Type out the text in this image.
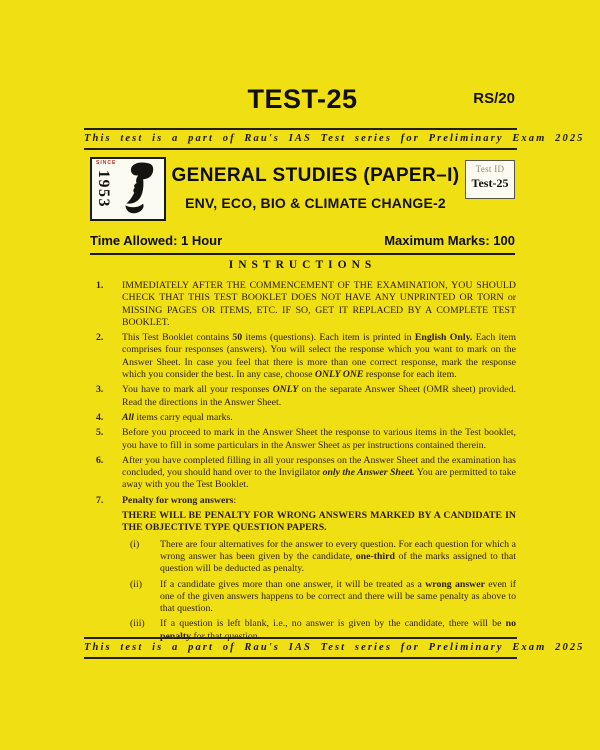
TEST-25	RS/20
This test is a part of Rau's IAS Test series for Preliminary Exam 2025
SINCE
1953	GENERAL STUDIES (PAPER–I)
ENV, ECO, BIO & CLIMATE CHANGE-2
Test ID
Test-25
Time Allowed: 1 Hour	Maximum Marks: 100
INSTRUCTIONS
1.	IMMEDIATELY AFTER THE COMMENCEMENT OF THE EXAMINATION, YOU SHOULD CHECK THAT THIS TEST BOOKLET DOES NOT HAVE ANY UNPRINTED OR TORN or MISSING PAGES OR ITEMS, ETC. IF SO, GET IT REPLACED BY A COMPLETE TEST BOOKLET.
2.	This Test Booklet contains 50 items (questions). Each item is printed in English Only. Each item comprises four responses (answers). You will select the response which you want to mark on the Answer Sheet. In case you feel that there is more than one correct response, mark the response which you consider the best. In any case, choose ONLY ONE response for each item.
3.	You have to mark all your responses ONLY on the separate Answer Sheet (OMR sheet) provided. Read the directions in the Answer Sheet.
4.	All items carry equal marks.
5.	Before you proceed to mark in the Answer Sheet the response to various items in the Test booklet, you have to fill in some particulars in the Answer Sheet as per instructions contained therein.
6.	After you have completed filling in all your responses on the Answer Sheet and the examination has concluded, you should hand over to the Invigilator only the Answer Sheet. You are permitted to take away with you the Test Booklet.
7.	Penalty for wrong answers:
THERE WILL BE PENALTY FOR WRONG ANSWERS MARKED BY A CANDIDATE IN THE OBJECTIVE TYPE QUESTION PAPERS.
(i)	There are four alternatives for the answer to every question. For each question for which a wrong answer has been given by the candidate, one-third of the marks assigned to that question will be deducted as penalty.
(ii)	If a candidate gives more than one answer, it will be treated as a wrong answer even if one of the given answers happens to be correct and there will be same penalty as above to that question.
(iii)	If a question is left blank, i.e., no answer is given by the candidate, there will be no penalty for that question.
This test is a part of Rau's IAS Test series for Preliminary Exam 2025
